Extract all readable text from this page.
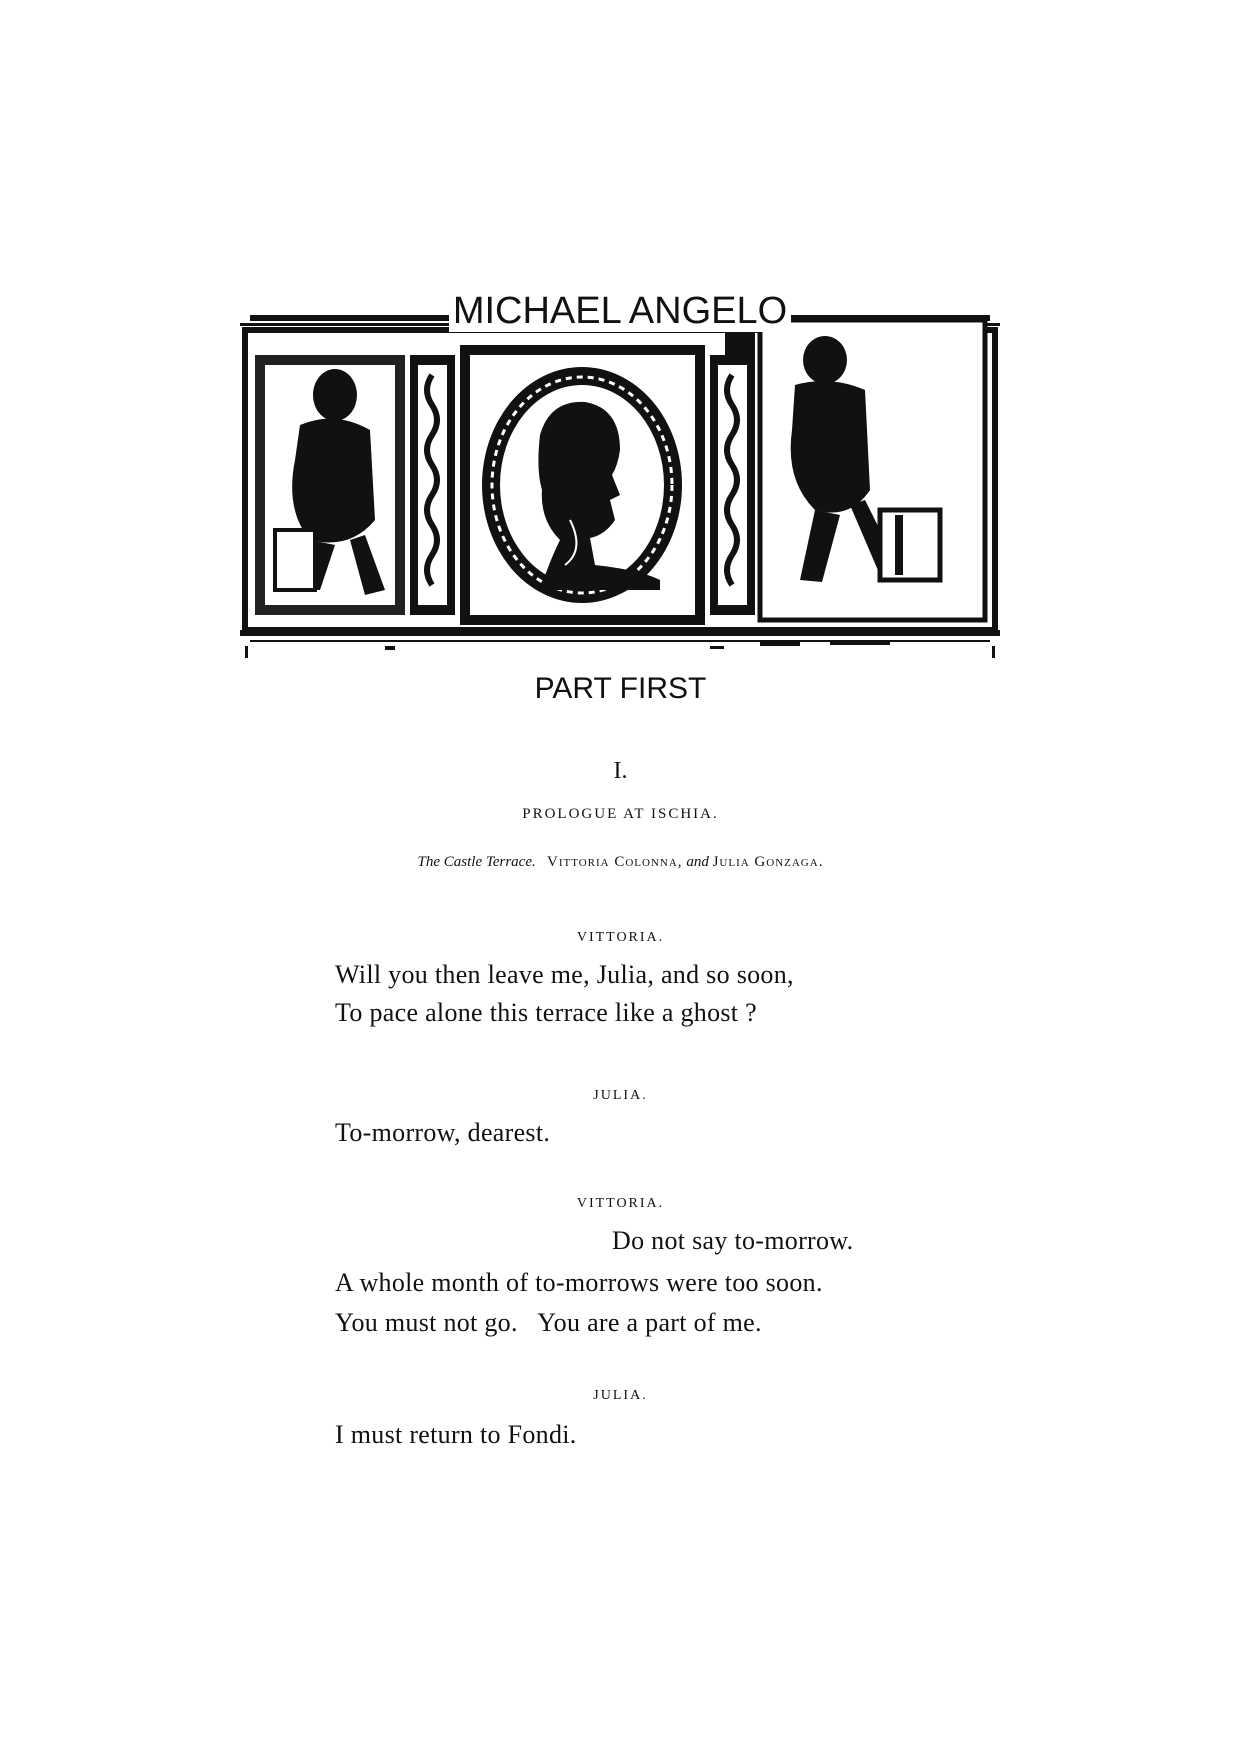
MICHAEL ANGELO
PART FIRST
I.
PROLOGUE AT ISCHIA.
The Castle Terrace. Vittoria Colonna, and Julia Gonzaga.
VITTORIA.
Will you then leave me, Julia, and so soon,
To pace alone this terrace like a ghost ?
JULIA.
To-morrow, dearest.
VITTORIA.
Do not say to-morrow.
A whole month of to-morrows were too soon.
You must not go.   You are a part of me.
JULIA.
I must return to Fondi.
